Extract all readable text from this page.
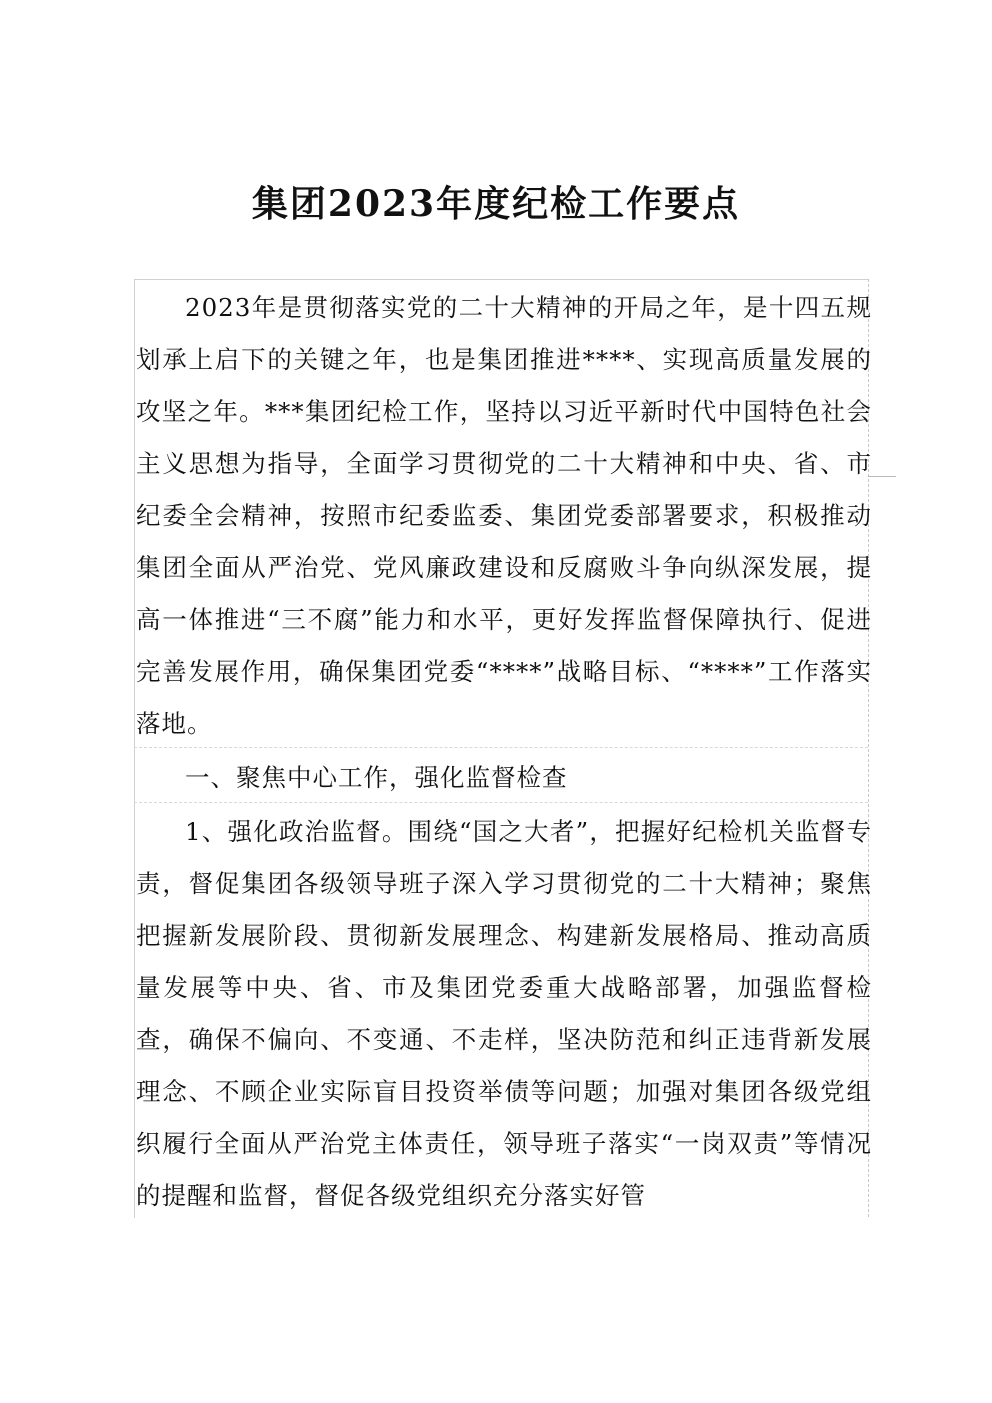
集团2023年度纪检工作要点
2023年是贯彻落实党的二十大精神的开局之年，是十四五规划承上启下的关键之年，也是集团推进****、实现高质量发展的攻坚之年。***集团纪检工作，坚持以习近平新时代中国特色社会主义思想为指导，全面学习贯彻党的二十大精神和中央、省、市纪委全会精神，按照市纪委监委、集团党委部署要求，积极推动集团全面从严治党、党风廉政建设和反腐败斗争向纵深发展，提高一体推进“三不腐”能力和水平，更好发挥监督保障执行、促进完善发展作用，确保集团党委“****”战略目标、“****”工作落实落地。
一、聚焦中心工作，强化监督检查
1、强化政治监督。围绕“国之大者”，把握好纪检机关监督专责，督促集团各级领导班子深入学习贯彻党的二十大精神；聚焦把握新发展阶段、贯彻新发展理念、构建新发展格局、推动高质量发展等中央、省、市及集团党委重大战略部署，加强监督检查，确保不偏向、不变通、不走样，坚决防范和纠正违背新发展理念、不顾企业实际盲目投资举债等问题；加强对集团各级党组织履行全面从严治党主体责任，领导班子落实“一岗双责”等情况的提醒和监督，督促各级党组织充分落实好管
